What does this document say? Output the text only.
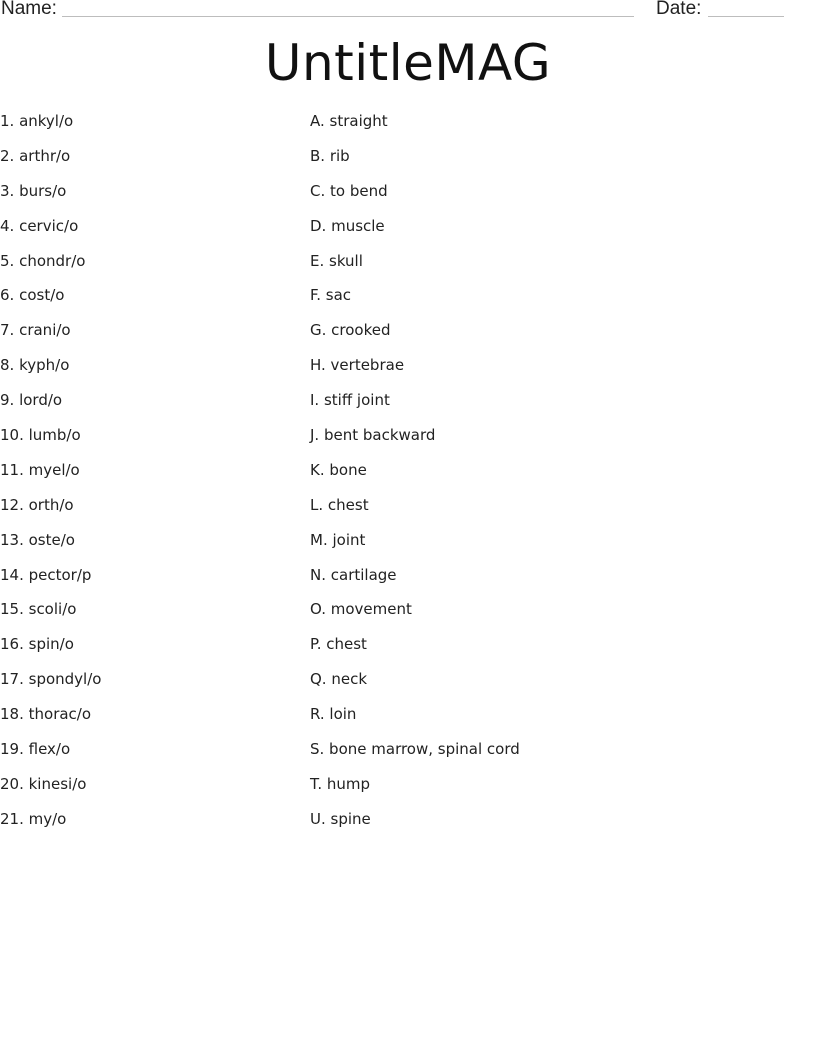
Name:	Date:
UntitleMAG
1. ankyl/o
2. arthr/o
3. burs/o
4. cervic/o
5. chondr/o
6. cost/o
7. crani/o
8. kyph/o
9. lord/o
10. lumb/o
11. myel/o
12. orth/o
13. oste/o
14. pector/p
15. scoli/o
16. spin/o
17. spondyl/o
18. thorac/o
19. flex/o
20. kinesi/o
21. my/o
A. straight
B. rib
C. to bend
D. muscle
E. skull
F. sac
G. crooked
H. vertebrae
I. stiff joint
J. bent backward
K. bone
L. chest
M. joint
N. cartilage
O. movement
P. chest
Q. neck
R. loin
S. bone marrow, spinal cord
T. hump
U. spine
